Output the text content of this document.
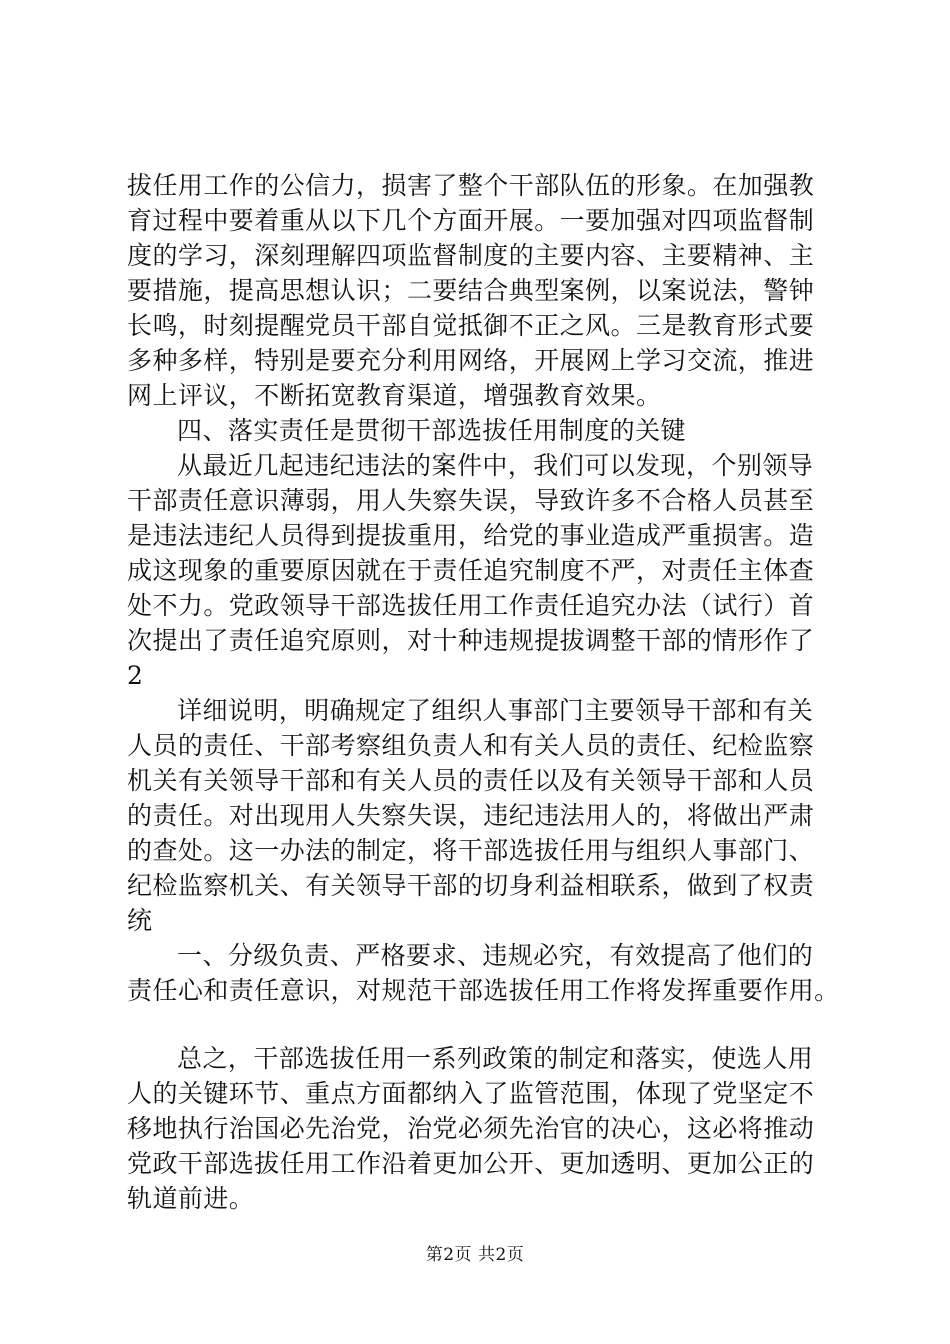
拔任用工作的公信力，损害了整个干部队伍的形象。在加强教
育过程中要着重从以下几个方面开展。一要加强对四项监督制
度的学习，深刻理解四项监督制度的主要内容、主要精神、主
要措施，提高思想认识；二要结合典型案例，以案说法，警钟
长鸣，时刻提醒党员干部自觉抵御不正之风。三是教育形式要
多种多样，特别是要充分利用网络，开展网上学习交流，推进
网上评议，不断拓宽教育渠道，增强教育效果。
四、落实责任是贯彻干部选拔任用制度的关键
从最近几起违纪违法的案件中，我们可以发现，个别领导
干部责任意识薄弱，用人失察失误，导致许多不合格人员甚至
是违法违纪人员得到提拔重用，给党的事业造成严重损害。造
成这现象的重要原因就在于责任追究制度不严，对责任主体查
处不力。党政领导干部选拔任用工作责任追究办法（试行）首
次提出了责任追究原则，对十种违规提拔调整干部的情形作了
2
详细说明，明确规定了组织人事部门主要领导干部和有关
人员的责任、干部考察组负责人和有关人员的责任、纪检监察
机关有关领导干部和有关人员的责任以及有关领导干部和人员
的责任。对出现用人失察失误，违纪违法用人的，将做出严肃
的查处。这一办法的制定，将干部选拔任用与组织人事部门、
纪检监察机关、有关领导干部的切身利益相联系，做到了权责
统
一、分级负责、严格要求、违规必究，有效提高了他们的
责任心和责任意识，对规范干部选拔任用工作将发挥重要作用。
总之，干部选拔任用一系列政策的制定和落实，使选人用
人的关键环节、重点方面都纳入了监管范围，体现了党坚定不
移地执行治国必先治党，治党必须先治官的决心，这必将推动
党政干部选拔任用工作沿着更加公开、更加透明、更加公正的
轨道前进。
第2页 共2页
